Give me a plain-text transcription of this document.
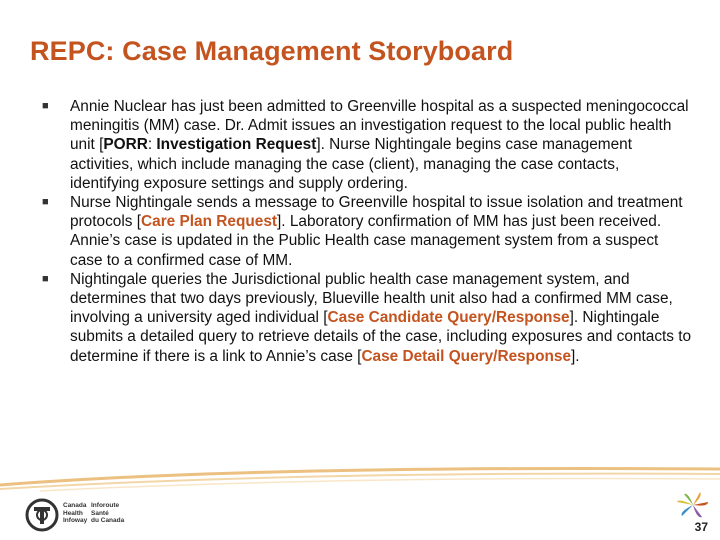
REPC: Case Management Storyboard
■ Annie Nuclear has just been admitted to Greenville hospital as a suspected meningococcal meningitis (MM) case. Dr. Admit issues an investigation request to the local public health unit [PORR: Investigation Request]. Nurse Nightingale begins case management activities, which include managing the case (client), managing the case contacts, identifying exposure settings and supply ordering.
■ Nurse Nightingale sends a message to Greenville hospital to issue isolation and treatment protocols [Care Plan Request]. Laboratory confirmation of MM has just been received. Annie’s case is updated in the Public Health case management system from a suspect case to a confirmed case of MM.
■ Nightingale queries the Jurisdictional public health case management system, and determines that two days previously, Blueville health unit also had a confirmed MM case, involving a university aged individual [Case Candidate Query/Response]. Nightingale submits a detailed query to retrieve details of the case, including exposures and contacts to determine if there is a link to Annie’s case [Case Detail Query/Response].
Canada
Health
Infoway
Inforoute
Santé
du Canada	37
